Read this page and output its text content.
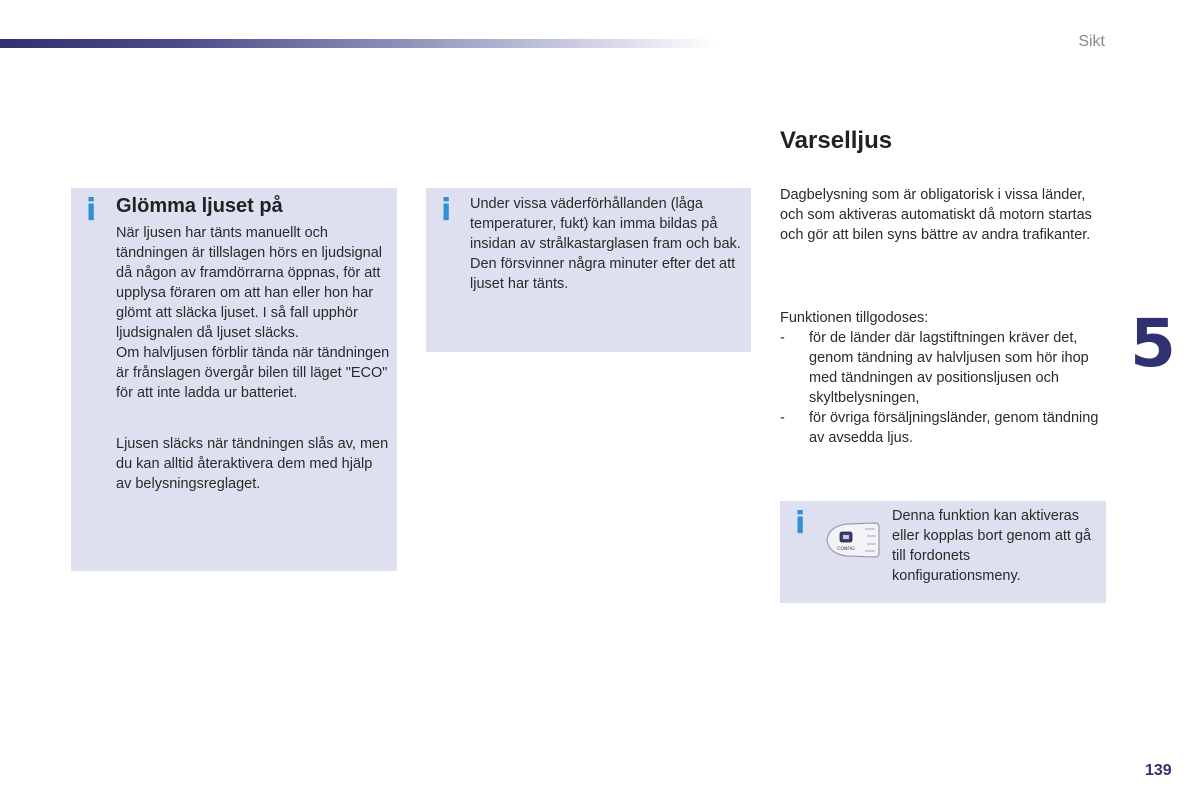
Sikt
i Glömma ljuset på

När ljusen har tänts manuellt och tändningen är tillslagen hörs en ljudsignal då någon av framdörrarna öppnas, för att upplysa föraren om att han eller hon har glömt att släcka ljuset. I så fall upphör ljudsignalen då ljuset släcks.

Om halvljusen förblir tända när tändningen är frånslagen övergår bilen till läget "ECO" för att inte ladda ur batteriet.

Ljusen släcks när tändningen slås av, men du kan alltid återaktivera dem med hjälp av belysningsreglaget.

i Under vissa väderförhållanden (låga temperaturer, fukt) kan imma bildas på insidan av strålkastarglasen fram och bak. Den försvinner några minuter efter det att ljuset har tänts.
Varselljus
Dagbelysning som är obligatorisk i vissa länder, och som aktiveras automatiskt då motorn startas och gör att bilen syns bättre av andra trafikanter.
Funktionen tillgodoses:
- för de länder där lagstiftningen kräver det, genom tändning av halvljusen som hör ihop med tändningen av positionsljusen och skyltbelysningen,
- för övriga försäljningsländer, genom tändning av avsedda ljus.
i	Denna funktion kan aktiveras eller kopplas bort genom att gå till fordonets konfigurationsmeny.
CONFIG
5
139
